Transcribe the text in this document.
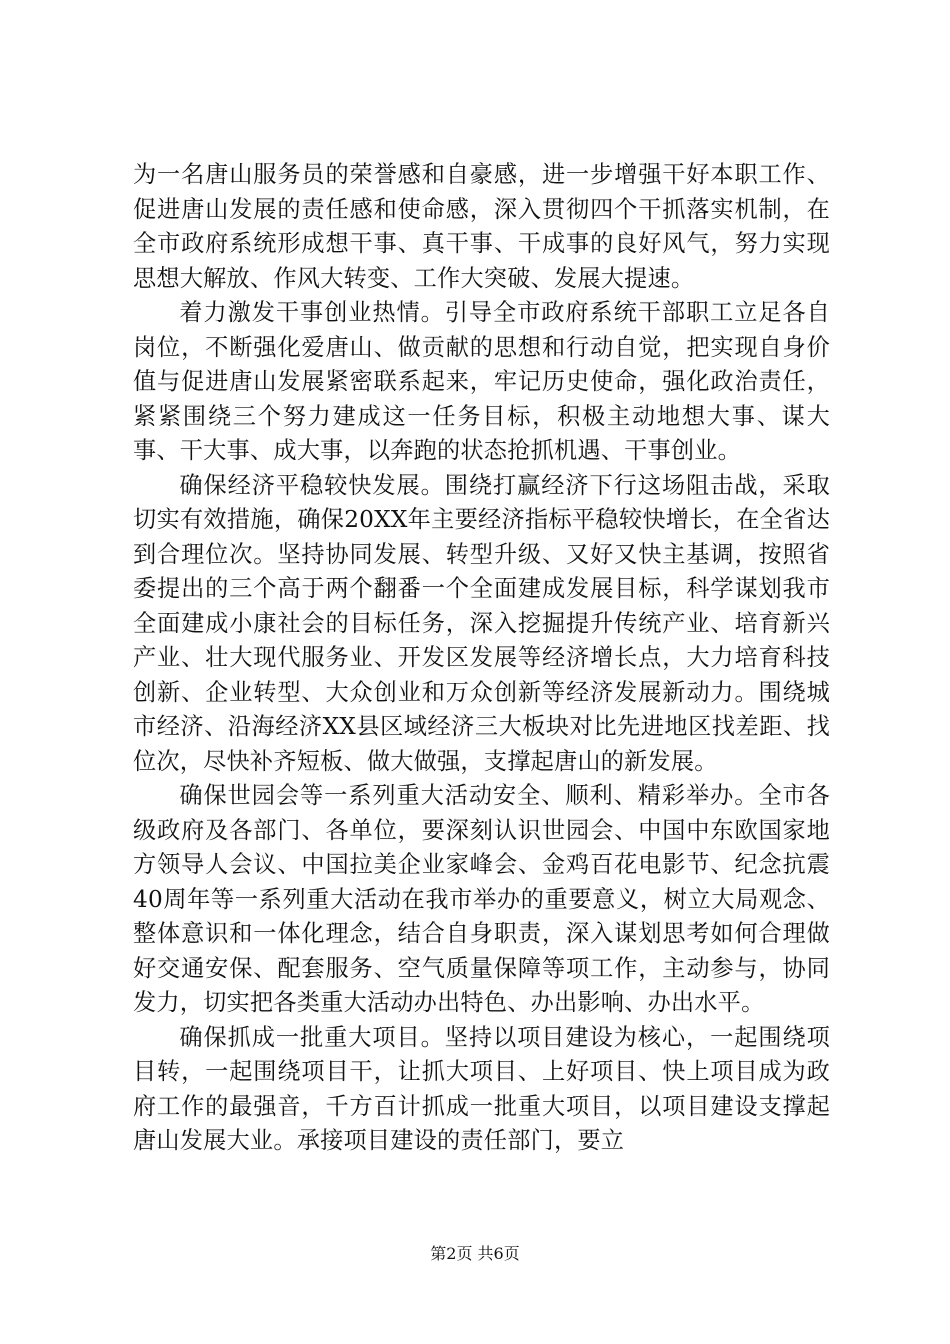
为一名唐山服务员的荣誉感和自豪感，进一步增强干好本职工作、促进唐山发展的责任感和使命感，深入贯彻四个干抓落实机制，在全市政府系统形成想干事、真干事、干成事的良好风气，努力实现思想大解放、作风大转变、工作大突破、发展大提速。

着力激发干事创业热情。引导全市政府系统干部职工立足各自岗位，不断强化爱唐山、做贡献的思想和行动自觉，把实现自身价值与促进唐山发展紧密联系起来，牢记历史使命，强化政治责任，紧紧围绕三个努力建成这一任务目标，积极主动地想大事、谋大事、干大事、成大事，以奔跑的状态抢抓机遇、干事创业。

确保经济平稳较快发展。围绕打赢经济下行这场阻击战，采取切实有效措施，确保20XX年主要经济指标平稳较快增长，在全省达到合理位次。坚持协同发展、转型升级、又好又快主基调，按照省委提出的三个高于两个翻番一个全面建成发展目标，科学谋划我市全面建成小康社会的目标任务，深入挖掘提升传统产业、培育新兴产业、壮大现代服务业、开发区发展等经济增长点，大力培育科技创新、企业转型、大众创业和万众创新等经济发展新动力。围绕城市经济、沿海经济XX县区域经济三大板块对比先进地区找差距、找位次，尽快补齐短板、做大做强，支撑起唐山的新发展。

确保世园会等一系列重大活动安全、顺利、精彩举办。全市各级政府及各部门、各单位，要深刻认识世园会、中国中东欧国家地方领导人会议、中国拉美企业家峰会、金鸡百花电影节、纪念抗震40周年等一系列重大活动在我市举办的重要意义，树立大局观念、整体意识和一体化理念，结合自身职责，深入谋划思考如何合理做好交通安保、配套服务、空气质量保障等项工作，主动参与，协同发力，切实把各类重大活动办出特色、办出影响、办出水平。

确保抓成一批重大项目。坚持以项目建设为核心，一起围绕项目转，一起围绕项目干，让抓大项目、上好项目、快上项目成为政府工作的最强音，千方百计抓成一批重大项目，以项目建设支撑起唐山发展大业。承接项目建设的责任部门，要立

第2页 共6页
